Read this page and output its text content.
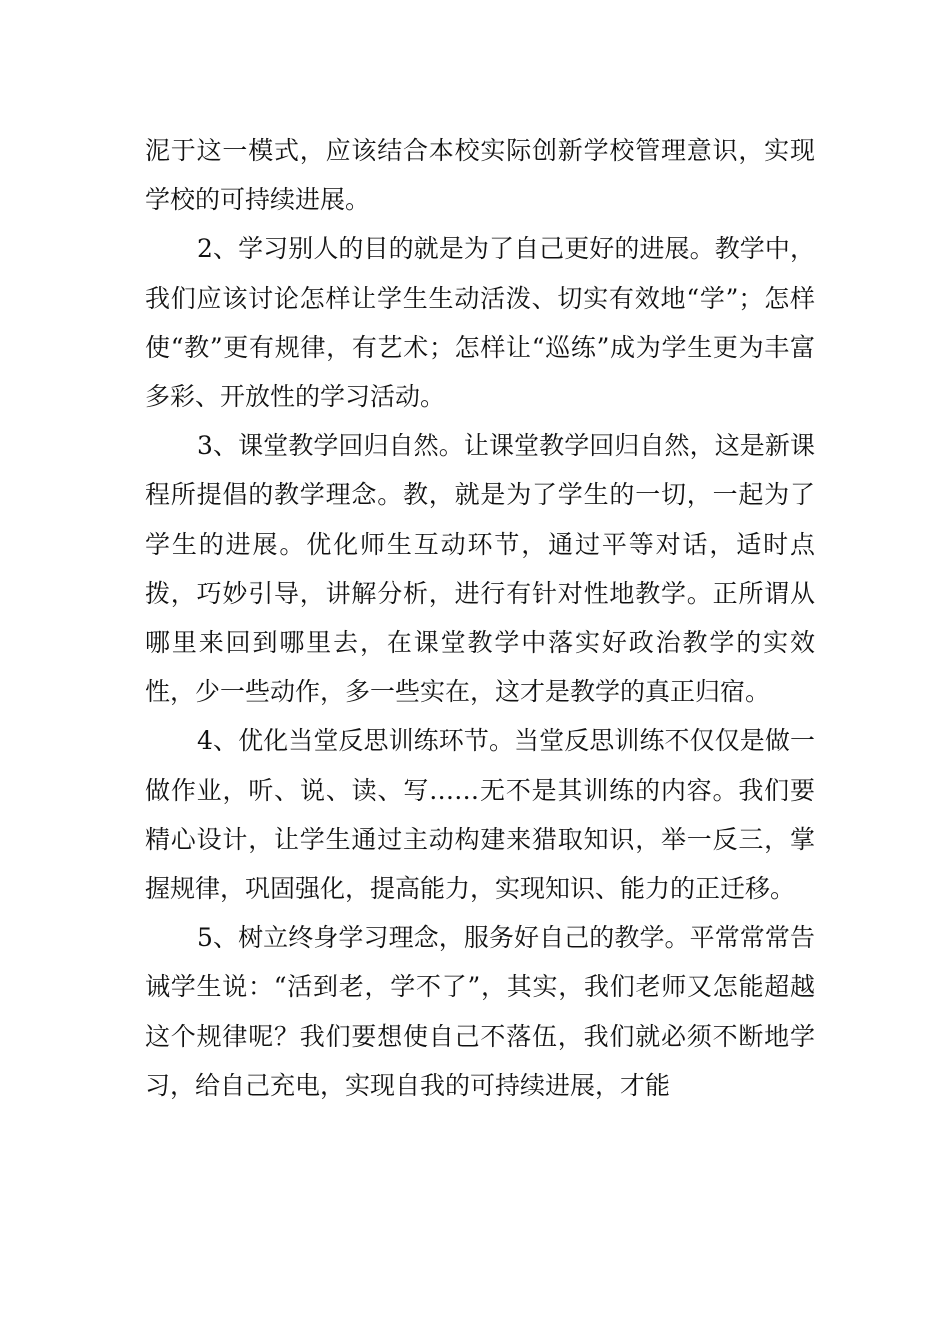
泥于这一模式，应该结合本校实际创新学校管理意识，实现学校的可持续进展。

2、学习别人的目的就是为了自己更好的进展。教学中，我们应该讨论怎样让学生生动活泼、切实有效地“学”；怎样使“教”更有规律，有艺术；怎样让“巡练”成为学生更为丰富多彩、开放性的学习活动。

3、课堂教学回归自然。让课堂教学回归自然，这是新课程所提倡的教学理念。教，就是为了学生的一切，一起为了学生的进展。优化师生互动环节，通过平等对话，适时点拨，巧妙引导，讲解分析，进行有针对性地教学。正所谓从哪里来回到哪里去，在课堂教学中落实好政治教学的实效性，少一些动作，多一些实在，这才是教学的真正归宿。

4、优化当堂反思训练环节。当堂反思训练不仅仅是做一做作业，听、说、读、写……无不是其训练的内容。我们要精心设计，让学生通过主动构建来猎取知识，举一反三，掌握规律，巩固强化，提高能力，实现知识、能力的正迁移。

5、树立终身学习理念，服务好自己的教学。平常常常告诫学生说：“活到老，学不了”，其实，我们老师又怎能超越这个规律呢？我们要想使自己不落伍，我们就必须不断地学习，给自己充电，实现自我的可持续进展，才能
